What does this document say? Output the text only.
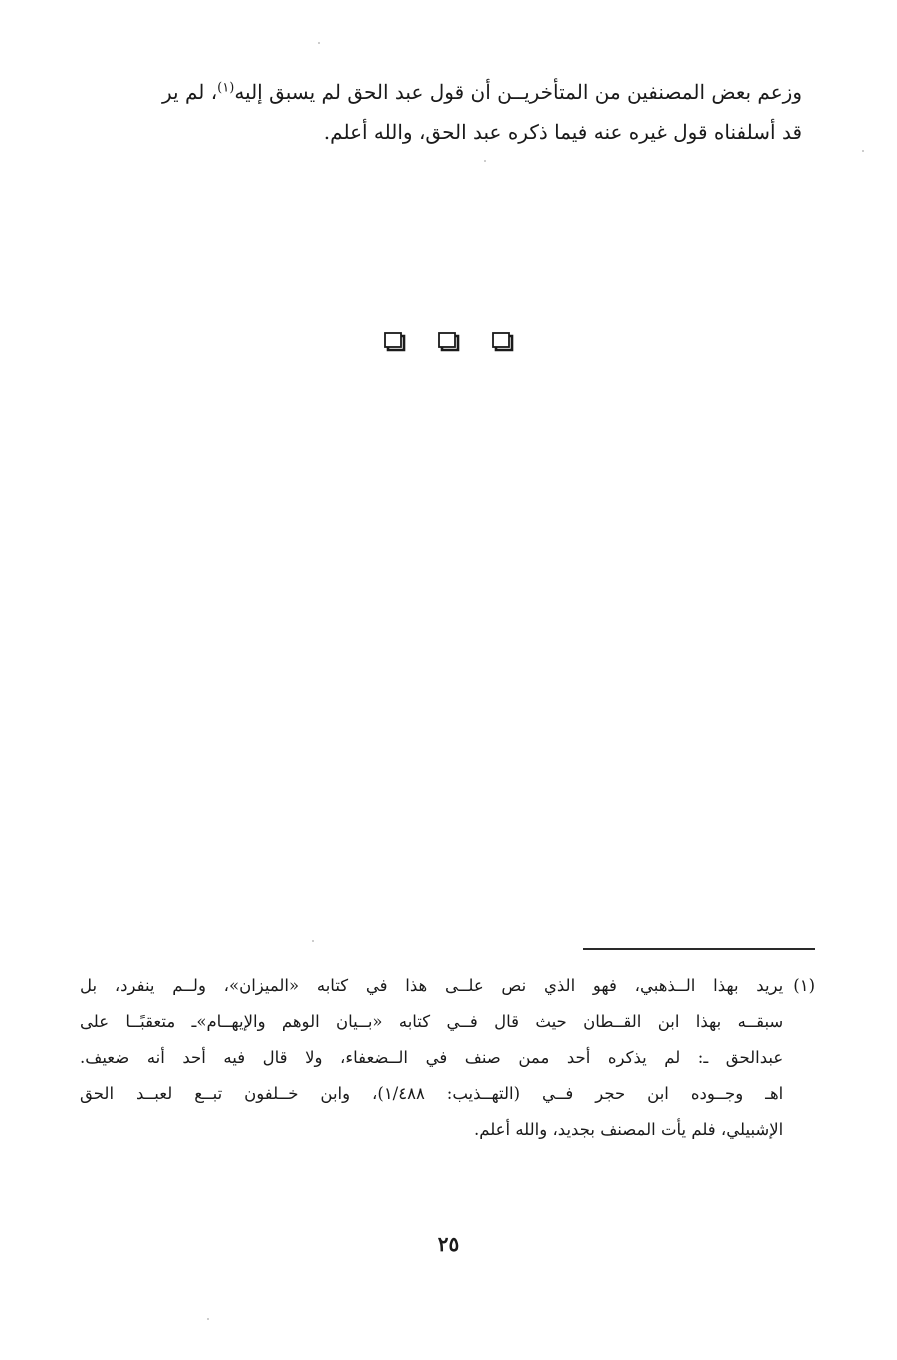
وزعم بعض المصنفين من المتأخريــن أن قول عبد الحق لم يسبق إليه$^{(١)}$، لم ير

قد أسلفناه قول غيره عنه فيما ذكره عبد الحق، والله أعلم.

(١)
يريد بهذا الــذهبي، فهو الذي نص علــى هذا في كتابه «الميزان»، ولــم ينفرد، بل
سبقــه بهذا ابن القــطان حيث قال فــي كتابه «بــيان الوهم والإيهــام»ـ متعقبًــا على
عبدالحق ـ: لم يذكره أحد ممن صنف في الــضعفاء، ولا قال فيه أحد أنه ضعيف.
اهـ وجــوده ابن حجر فــي (التهــذيب: ١/٤٨٨)، وابن خــلفون تبــع لعبــد الحق
الإشبيلي، فلم يأت المصنف بجديد، والله أعلم.
٢٥
